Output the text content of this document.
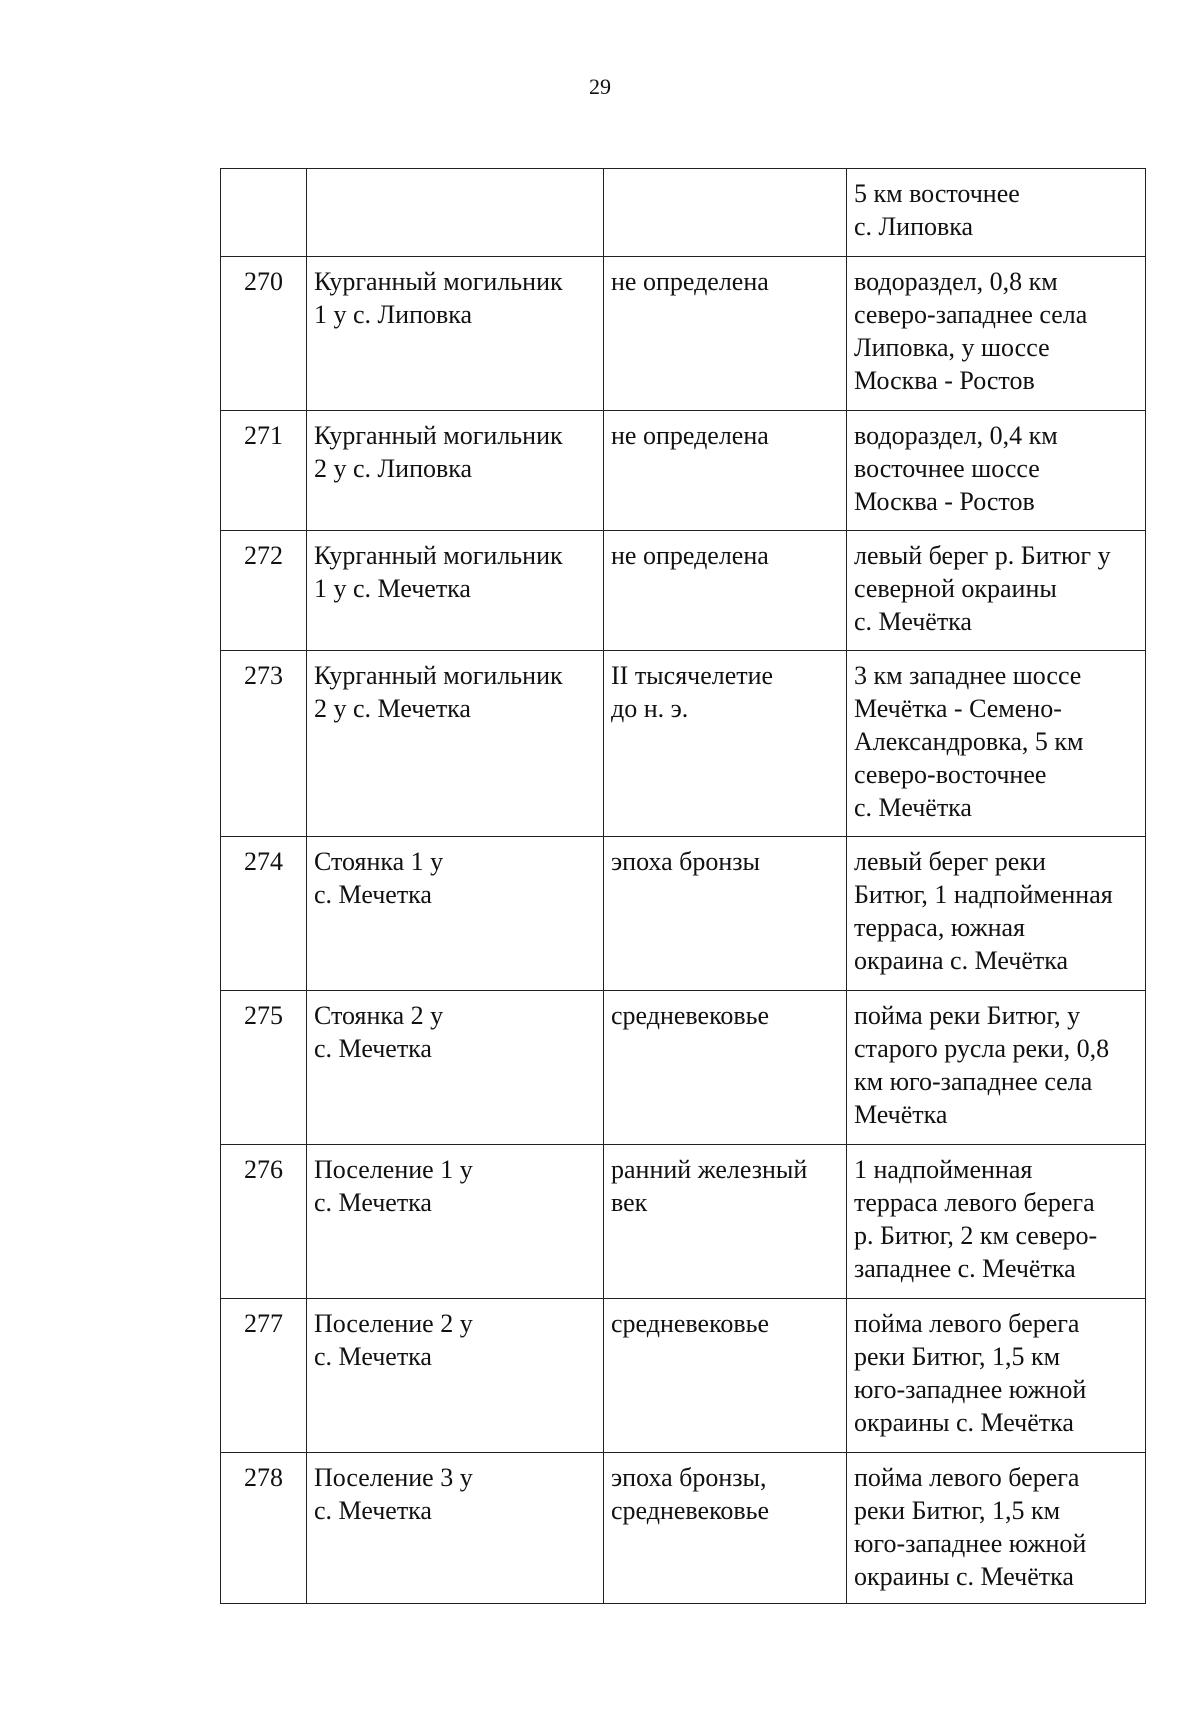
29
			5 км восточнее
с. Липовка
270	Курганный могильник
1 у с. Липовка	не определена	водораздел, 0,8 км
северо-западнее села
Липовка, у шоссе
Москва - Ростов
271	Курганный могильник
2 у с. Липовка	не определена	водораздел, 0,4 км
восточнее шоссе
Москва - Ростов
272	Курганный могильник
1 у с. Мечетка	не определена	левый берег р. Битюг у
северной окраины
с. Мечётка
273	Курганный могильник
2 у с. Мечетка	II тысячелетие
до н. э.	3 км западнее шоссе
Мечётка - Семено-
Александровка, 5 км
северо-восточнее
с. Мечётка
274	Стоянка 1 у
с. Мечетка	эпоха бронзы	левый берег реки
Битюг, 1 надпойменная
терраса, южная
окраина с. Мечётка
275	Стоянка 2 у
с. Мечетка	средневековье	пойма реки Битюг, у
старого русла реки, 0,8
км юго-западнее села
Мечётка
276	Поселение 1 у
с. Мечетка	ранний железный
век	1 надпойменная
терраса левого берега
р. Битюг, 2 км северо-
западнее с. Мечётка
277	Поселение 2 у
с. Мечетка	средневековье	пойма левого берега
реки Битюг, 1,5 км
юго-западнее южной
окраины с. Мечётка
278	Поселение 3 у
с. Мечетка	эпоха бронзы,
средневековье	пойма левого берега
реки Битюг, 1,5 км
юго-западнее южной
окраины с. Мечётка
